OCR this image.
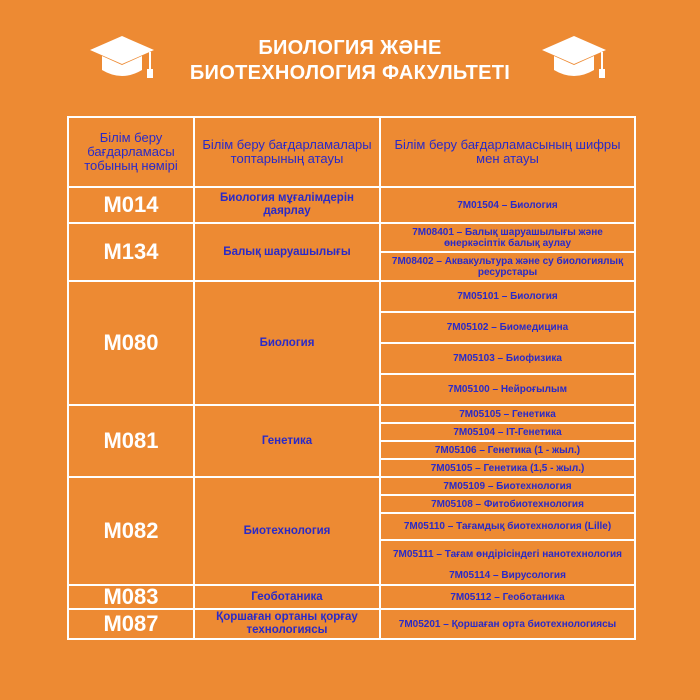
БИОЛОГИЯ ЖӘНЕ
БИОТЕХНОЛОГИЯ ФАКУЛЬТЕТІ
Білім беру бағдарламасы тобының нөмірі	Білім беру бағдарламалары топтарының атауы	Білім беру бағдарламасының шифры мен атауы
M014	Биология мұғалімдерін даярлау	7M01504 – Биология
M134	Балық шаруашылығы	7M08401 – Балық шаруашылығы және өнеркәсіптік балық аулау
		7M08402 – Аквакультура және су биологиялық ресурстары
M080	Биология	7M05101 – Биология
		7M05102 – Биомедицина
		7M05103 – Биофизика
		7M05100 – Нейроғылым
M081	Генетика	7M05105 – Генетика
		7M05104 – IT-Генетика
		7M05106 – Генетика (1 - жыл.)
		7M05105 – Генетика (1,5 - жыл.)
M082	Биотехнология	7M05109 – Биотехнология
		7M05108 – Фитобиотехнология
		7M05110 – Тағамдық биотехнология (Lille)
		7M05111 – Тағам өндірісіндегі нанотехнология
		7M05114 – Вирусология
M083	Геоботаника	7M05112 – Геоботаника
M087	Қоршаған ортаны қорғау технологиясы	7M05201 – Қоршаған орта биотехнологиясы
